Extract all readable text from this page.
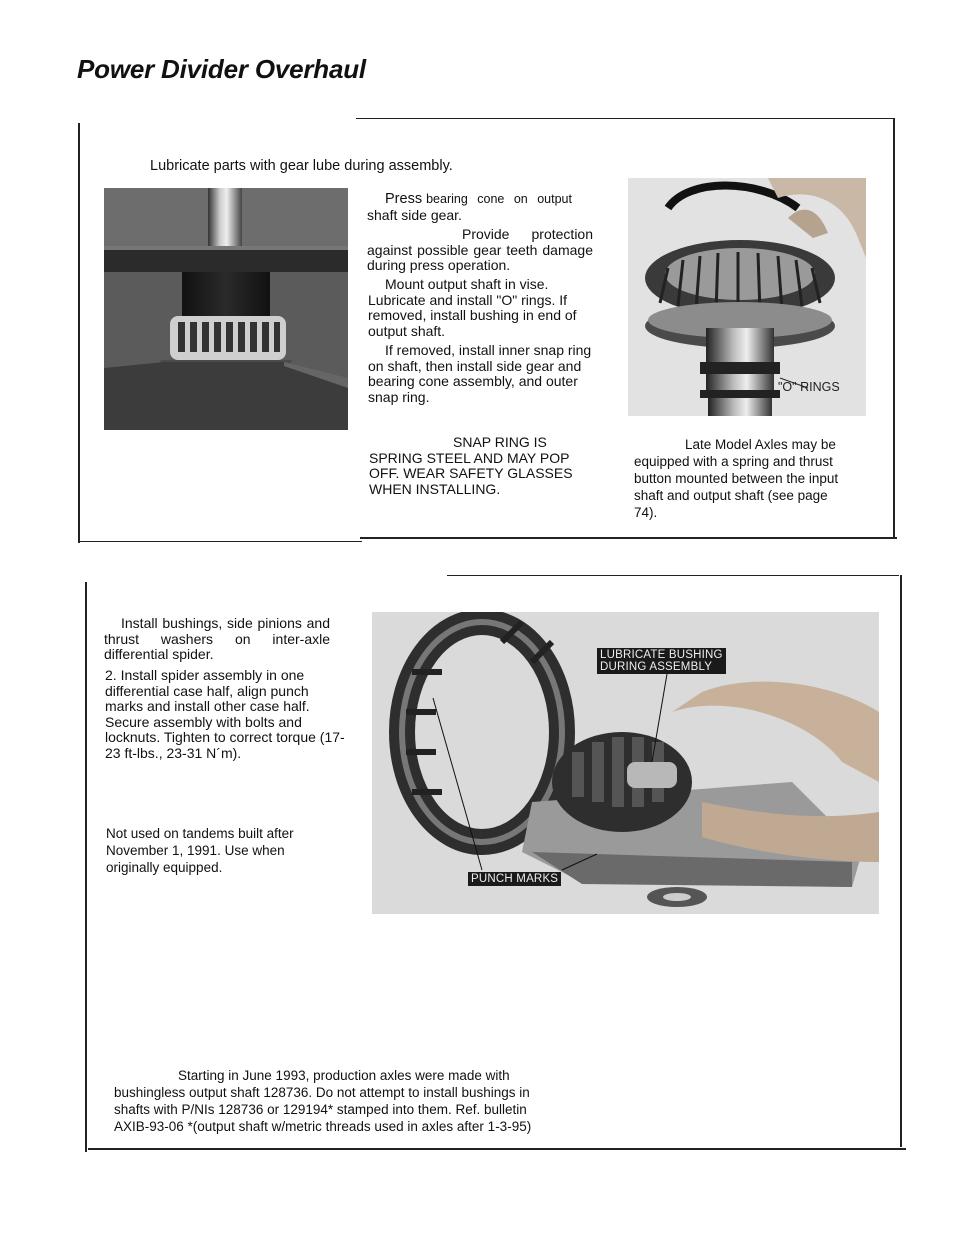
Power Divider Overhaul
Lubricate parts with gear lube during assembly.
Press bearing cone on output
shaft side gear.
Provide protection against possible gear teeth damage during press operation.
Mount output shaft in vise. Lubricate and install "O" rings. If removed, install bushing in end of output shaft.
If removed, install inner snap ring on shaft, then install side gear and bearing cone assembly, and outer snap ring.
SNAP RING IS SPRING STEEL AND MAY POP OFF. WEAR SAFETY GLASSES WHEN INSTALLING.
"O" RINGS
Late Model Axles may be equipped with a spring and thrust button mounted between the input shaft and output shaft (see page 74).
Install bushings, side pinions and thrust washers on inter-axle differential spider.
2. Install spider assembly in one differential case half, align punch marks and install other case half. Secure assembly with bolts and locknuts. Tighten to correct torque (17-23 ft-lbs., 23-31 N´m).
Not used on tandems built after November 1, 1991. Use when originally equipped.
LUBRICATE BUSHING
DURING ASSEMBLY
PUNCH MARKS
Starting in June 1993, production axles were made with
bushingless output shaft 128736. Do not attempt to install bushings in
shafts with P/NIs 128736 or 129194* stamped into them. Ref. bulletin
AXIB-93-06 *(output shaft w/metric threads used in axles after 1-3-95)
